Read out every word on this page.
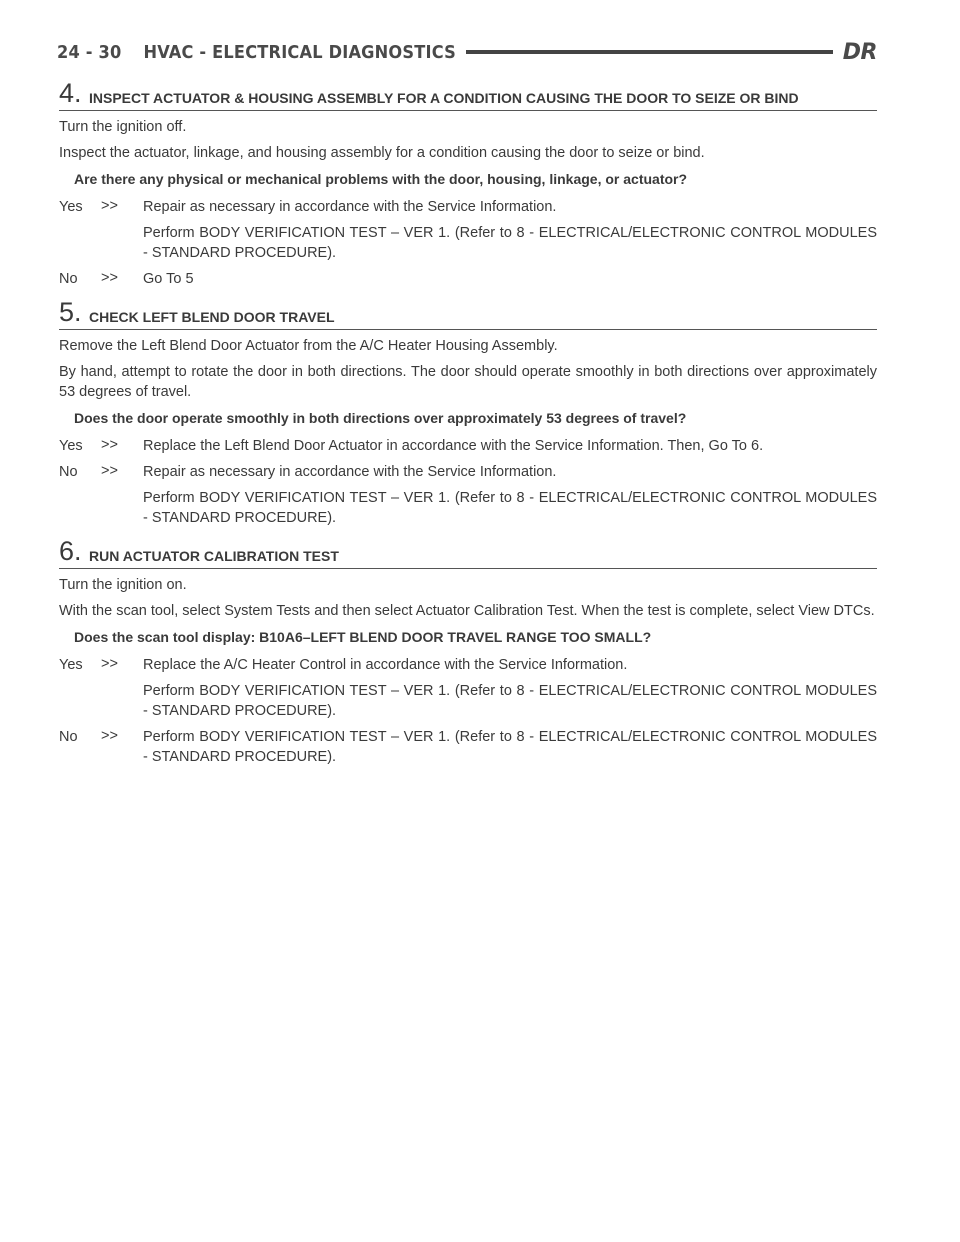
24 - 30 HVAC - ELECTRICAL DIAGNOSTICS	DR
4. INSPECT ACTUATOR & HOUSING ASSEMBLY FOR A CONDITION CAUSING THE DOOR TO SEIZE OR BIND

Turn the ignition off.

Inspect the actuator, linkage, and housing assembly for a condition causing the door to seize or bind.

Are there any physical or mechanical problems with the door, housing, linkage, or actuator?
Yes	>>	Repair as necessary in accordance with the Service Information.
Perform BODY VERIFICATION TEST – VER 1. (Refer to 8 - ELECTRICAL/ELECTRONIC CONTROL MODULES - STANDARD PROCEDURE).
No	>>	Go To 5
5. CHECK LEFT BLEND DOOR TRAVEL

Remove the Left Blend Door Actuator from the A/C Heater Housing Assembly.

By hand, attempt to rotate the door in both directions. The door should operate smoothly in both directions over approximately 53 degrees of travel.

Does the door operate smoothly in both directions over approximately 53 degrees of travel?
Yes	>>	Replace the Left Blend Door Actuator in accordance with the Service Information. Then, Go To 6.
No	>>	Repair as necessary in accordance with the Service Information.
Perform BODY VERIFICATION TEST – VER 1. (Refer to 8 - ELECTRICAL/ELECTRONIC CONTROL MODULES - STANDARD PROCEDURE).
6. RUN ACTUATOR CALIBRATION TEST

Turn the ignition on.

With the scan tool, select System Tests and then select Actuator Calibration Test. When the test is complete, select View DTCs.

Does the scan tool display: B10A6–LEFT BLEND DOOR TRAVEL RANGE TOO SMALL?
Yes	>>	Replace the A/C Heater Control in accordance with the Service Information.
Perform BODY VERIFICATION TEST – VER 1. (Refer to 8 - ELECTRICAL/ELECTRONIC CONTROL MODULES - STANDARD PROCEDURE).
No	>>	Perform BODY VERIFICATION TEST – VER 1. (Refer to 8 - ELECTRICAL/ELECTRONIC CONTROL MODULES - STANDARD PROCEDURE).
